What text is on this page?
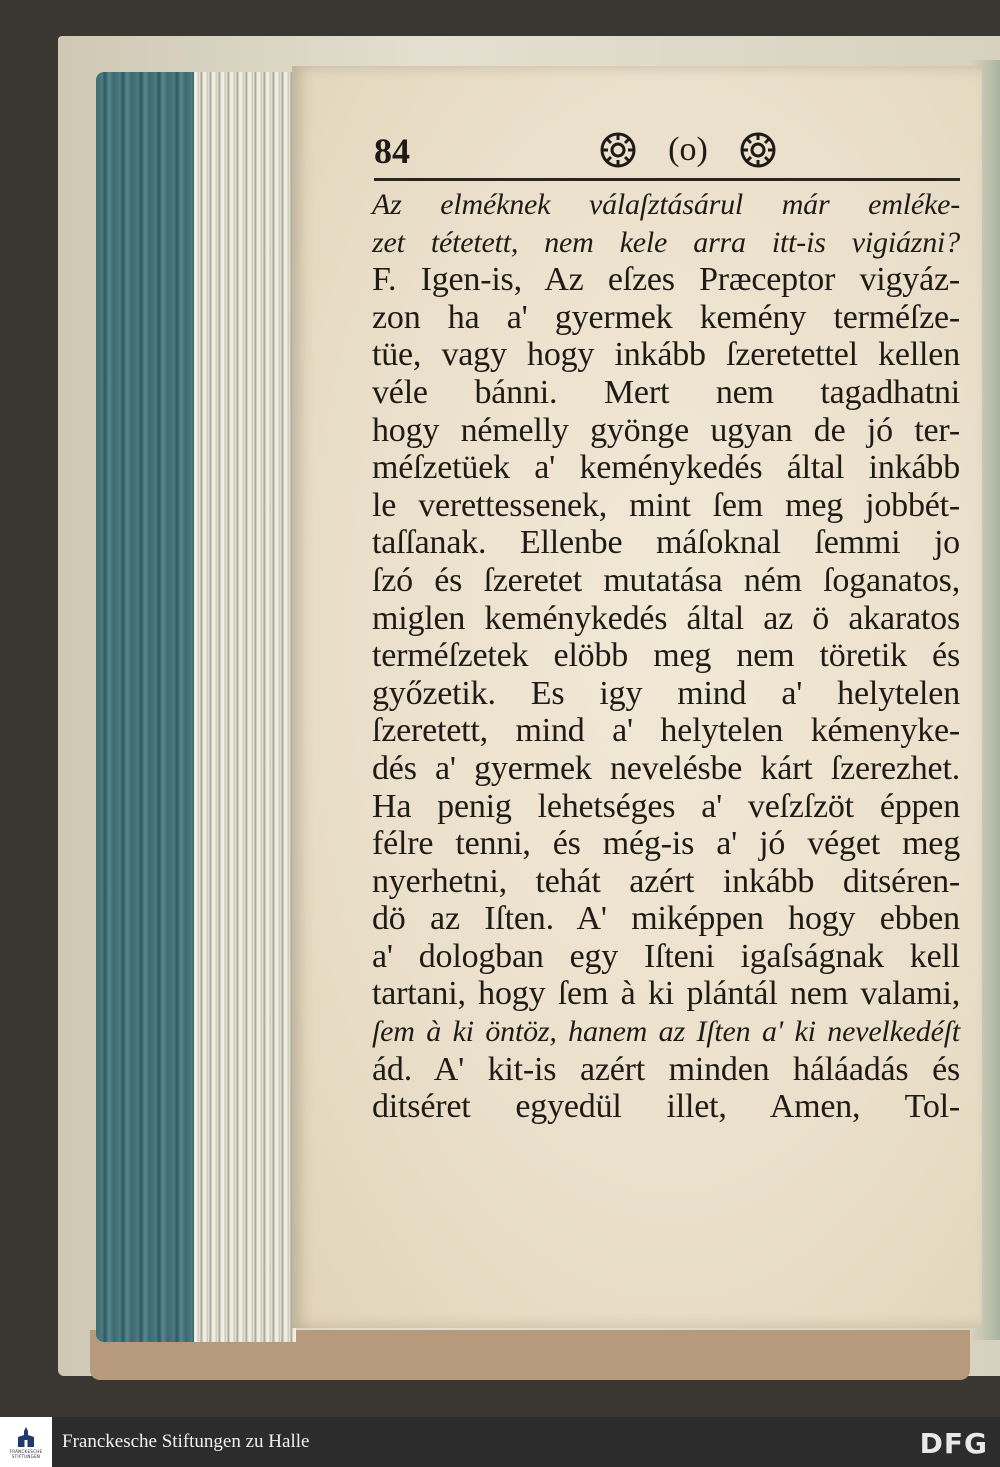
84	(o)
Az elméknek válaſztásárul már emléke-
zet tétetett, nem kele arra itt-is vigiázni?
F. Igen-is, Az eſzes Præceptor vigyáz-
zon ha a' gyermek kemény terméſze-
tüe, vagy hogy inkább ſzeretettel kellen
véle bánni. Mert nem tagadhatni
hogy némelly gyönge ugyan de jó ter-
méſzetüek a' keménykedés által inkább
le verettessenek, mint ſem meg jobbét-
taſſanak. Ellenbe máſoknal ſemmi jo
ſzó és ſzeretet mutatása ném ſoganatos,
miglen keménykedés által az ö akaratos
terméſzetek elöbb meg nem töretik és
győzetik. Es igy mind a' helytelen
ſzeretett, mind a' helytelen kémenyke-
dés a' gyermek nevelésbe kárt ſzerezhet.
Ha penig lehetséges a' veſzſzöt éppen
félre tenni, és még-is a' jó véget meg
nyerhetni, tehát azért inkább ditséren-
dö az Iſten. A' miképpen hogy ebben
a' dologban egy Iſteni igaſságnak kell
tartani, hogy ſem à ki plántál nem valami,
ſem à ki öntöz, hanem az Iſten a' ki nevelkedéſt
ád. A' kit-is azért minden háláadás és
ditséret egyedül illet, Amen, Tol-
FRANCKESCHE
STIFTUNGEN
Franckesche Stiftungen zu Halle	DFG
